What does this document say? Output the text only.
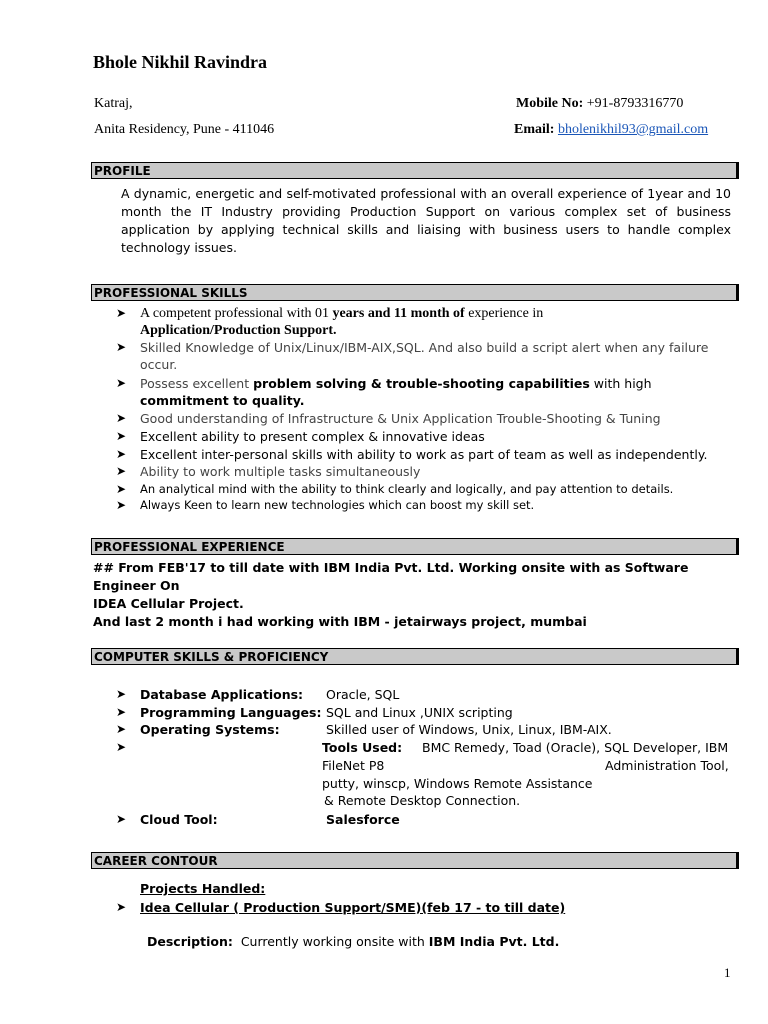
Bhole Nikhil Ravindra
Katraj,
Anita Residency, Pune - 411046
Mobile No: +91-8793316770
Email: bholenikhil93@gmail.com
PROFILE
A dynamic, energetic and self-motivated professional with an overall experience of 1year and 10 month the IT Industry providing Production Support on various complex set of business application by applying technical skills and liaising with business users to handle complex technology issues.
PROFESSIONAL SKILLS
➤ A competent professional with 01 years and 11 month of experience in
Application/Production Support.
➤ Skilled Knowledge of Unix/Linux/IBM-AIX,SQL. And also build a script alert when any failure occur.
➤ Possess excellent problem solving & trouble-shooting capabilities with high commitment to quality.
➤ Good understanding of Infrastructure & Unix Application Trouble-Shooting & Tuning
➤ Excellent ability to present complex & innovative ideas
➤ Excellent inter-personal skills with ability to work as part of team as well as independently.
➤ Ability to work multiple tasks simultaneously
➤ An analytical mind with the ability to think clearly and logically, and pay attention to details.
➤ Always Keen to learn new technologies which can boost my skill set.
PROFESSIONAL EXPERIENCE
## From FEB'17 to till date with IBM India Pvt. Ltd. Working onsite with as Software Engineer On
IDEA Cellular Project.
And last 2 month i had working with IBM - jetairways project, mumbai
COMPUTER SKILLS & PROFICIENCY
➤ Database Applications: Oracle, SQL
➤ Programming Languages: SQL and Linux ,UNIX scripting
➤ Operating Systems:	Skilled user of Windows, Unix, Linux, IBM-AIX.
➤	Tools Used: BMC Remedy, Toad (Oracle), SQL Developer, IBM
FileNet P8	Administration Tool,
putty, winscp, Windows Remote Assistance
& Remote Desktop Connection.
➤ Cloud Tool:	Salesforce
CAREER CONTOUR
Projects Handled:
➤ Idea Cellular ( Production Support/SME)(feb 17 - to till date)
Description: Currently working onsite with IBM India Pvt. Ltd.
1
